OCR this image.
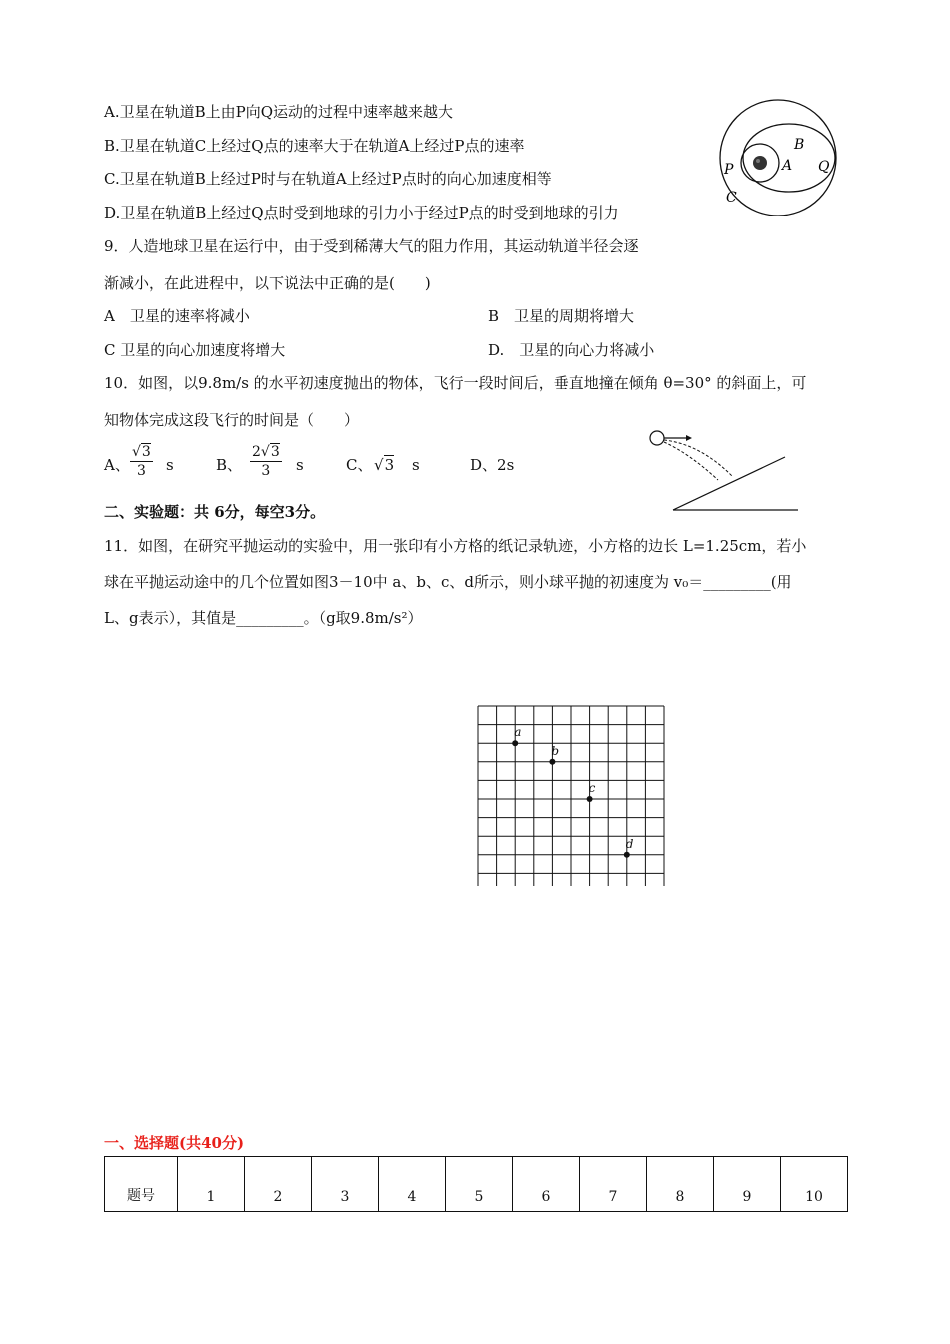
A.卫星在轨道B上由P向Q运动的过程中速率越来越大
B.卫星在轨道C上经过Q点的速率大于在轨道A上经过P点的速率
C.卫星在轨道B上经过P时与在轨道A上经过P点时的向心加速度相等
D.卫星在轨道B上经过Q点时受到地球的引力小于经过P点的时受到地球的引力
B
A
P	Q
C
9．人造地球卫星在运行中，由于受到稀薄大气的阻力作用，其运动轨道半径会逐
渐减小，在此进程中，以下说法中正确的是(　　)
A　卫星的速率将减小	B　卫星的周期将增大
C 卫星的向心加速度将增大	D.　卫星的向心力将减小
10．如图，以9.8m/s 的水平初速度抛出的物体，飞行一段时间后，垂直地撞在倾角 θ=30° 的斜面上，可
知物体完成这段飞行的时间是（　　）
A、
√3
3	s	B、
2√3
3	s	C、 √3 s	D、2s
二、实验题：共 6分，每空3分。
11．如图，在研究平抛运动的实验中，用一张印有小方格的纸记录轨迹，小方格的边长 L=1.25cm，若小
球在平抛运动途中的几个位置如图3－10中 a、b、c、d所示，则小球平抛的初速度为 v₀＝_________(用
L、g表示），其值是_________。（g取9.8m/s²）
a
b
c
d
一、选择题(共40分)
题号	1	2	3	4	5	6	7	8	9	10
